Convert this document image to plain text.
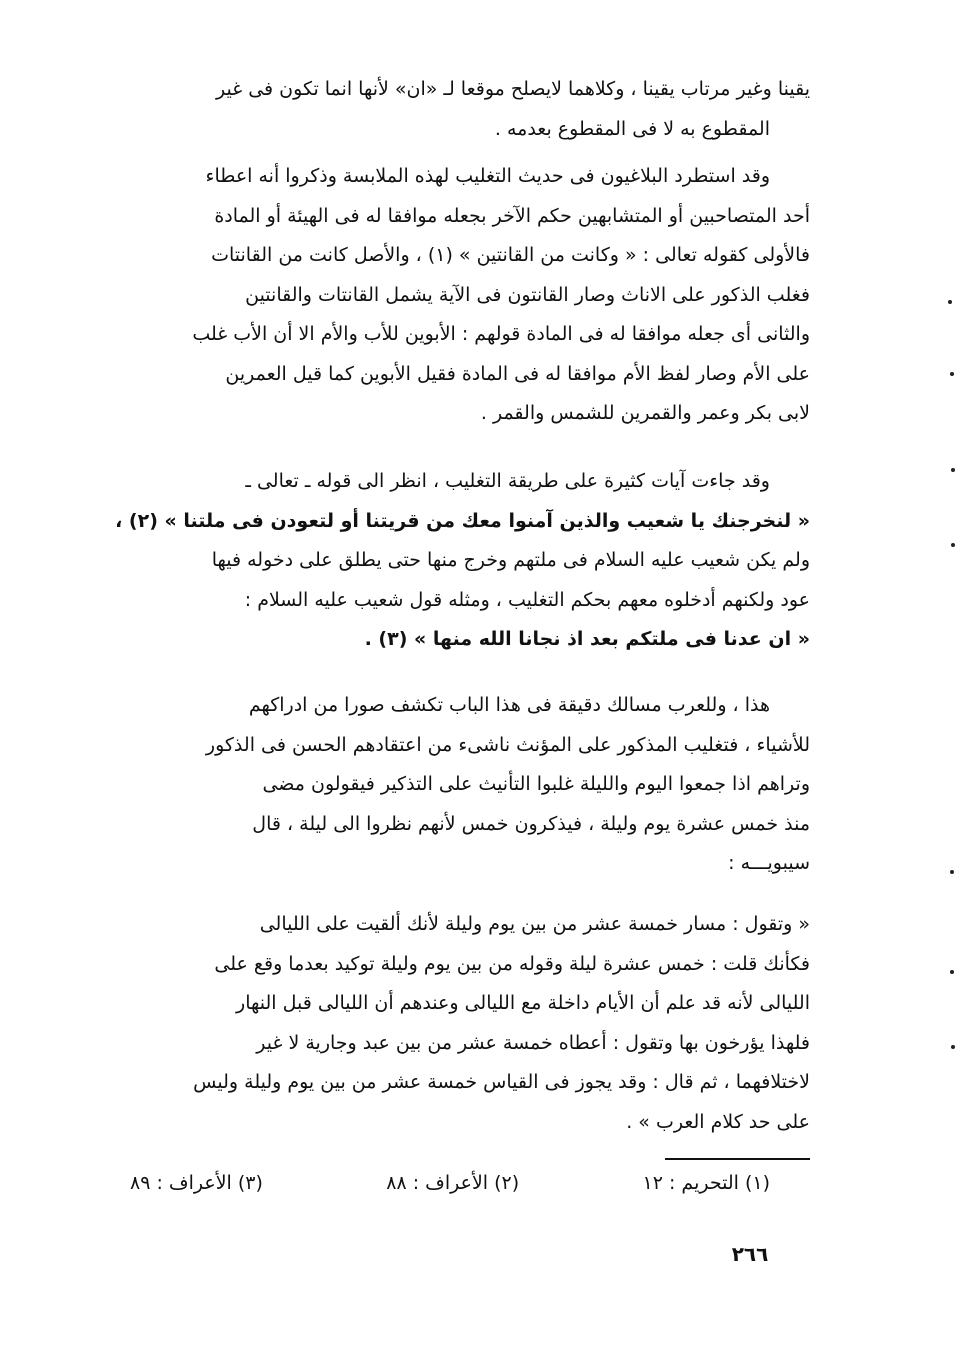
يقينا وغير مرتاب يقينا ، وكلاهما لايصلح موقعا لـ «ان» لأنها انما تكون فى غير
المقطوع به لا فى المقطوع بعدمه .
وقد استطرد البلاغيون فى حديث التغليب لهذه الملابسة وذكروا أنه اعطاء
أحد المتصاحبين أو المتشابهين حكم الآخر بجعله موافقا له فى الهيئة أو المادة
فالأولى كقوله تعالى : « وكانت من القانتين » (١) ، والأصل كانت من القانتات
فغلب الذكور على الاناث وصار القانتون فى الآية يشمل القانتات والقانتين
والثانى أى جعله موافقا له فى المادة قولهم : الأبوين للأب والأم الا أن الأب غلب
على الأم وصار لفظ الأم موافقا له فى المادة فقيل الأبوين كما قيل العمرين
لابى بكر وعمر والقمرين للشمس والقمر .
وقد جاءت آيات كثيرة على طريقة التغليب ، انظر الى قوله ـ تعالى ـ
« لنخرجنك يا شعيب والذين آمنوا معك من قريتنا أو لتعودن فى ملتنا » (٢) ،
ولم يكن شعيب عليه السلام فى ملتهم وخرج منها حتى يطلق على دخوله فيها
عود ولكنهم أدخلوه معهم بحكم التغليب ، ومثله قول شعيب عليه السلام :
« ان عدنا فى ملتكم بعد اذ نجانا الله منها » (٣) .
هذا ، وللعرب مسالك دقيقة فى هذا الباب تكشف صورا من ادراكهم
للأشياء ، فتغليب المذكور على المؤنث ناشىء من اعتقادهم الحسن فى الذكور
وتراهم اذا جمعوا اليوم والليلة غلبوا التأنيث على التذكير فيقولون مضى
منذ خمس عشرة يوم وليلة ، فيذكرون خمس لأنهم نظروا الى ليلة ، قال
سيبويـــه :
« وتقول : مسار خمسة عشر من بين يوم وليلة لأنك ألقيت على الليالى
فكأنك قلت : خمس عشرة ليلة وقوله من بين يوم وليلة توكيد بعدما وقع على
الليالى لأنه قد علم أن الأيام داخلة مع الليالى وعندهم أن الليالى قبل النهار
فلهذا يؤرخون بها وتقول : أعطاه خمسة عشر من بين عبد وجارية لا غير
لاختلافهما ، ثم قال : وقد يجوز فى القياس خمسة عشر من بين يوم وليلة وليس
على حد كلام العرب » .
(١) التحريم : ١٢
(٢) الأعراف : ٨٨
(٣) الأعراف : ٨٩
٢٦٦
